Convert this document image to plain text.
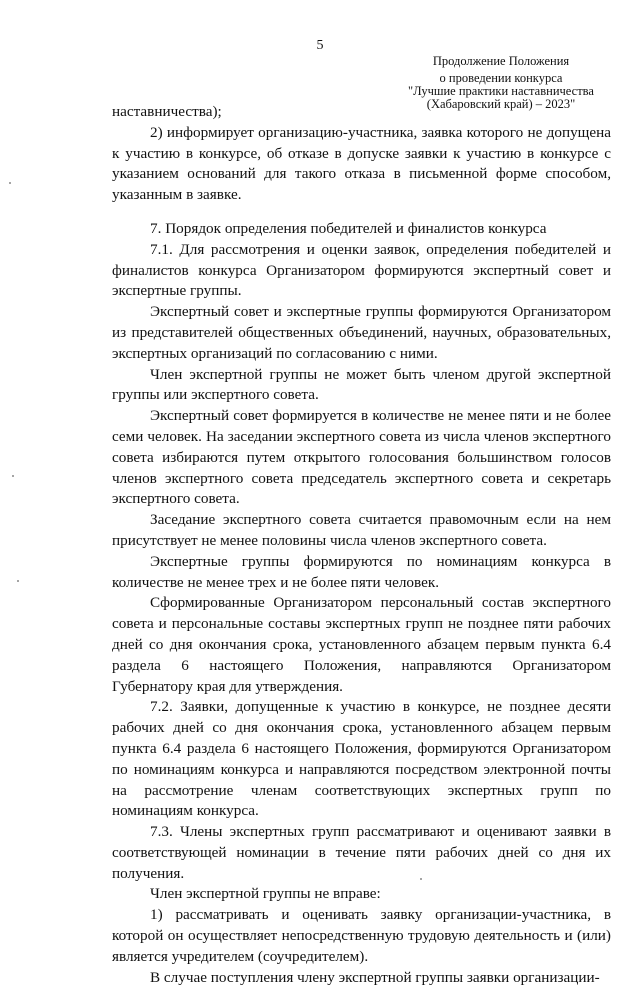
5
Продолжение Положения
о проведении конкурса
"Лучшие практики наставничества
(Хабаровский край) – 2023"

наставничества);

2) информирует организацию-участника, заявка которого не допущена к участию в конкурсе, об отказе в допуске заявки к участию в конкурсе с указанием оснований для такого отказа в письменной форме способом, указанным в заявке.

7. Порядок определения победителей и финалистов конкурса

7.1. Для рассмотрения и оценки заявок, определения победителей и финалистов конкурса Организатором формируются экспертный совет и экспертные группы.

Экспертный совет и экспертные группы формируются Организатором из представителей общественных объединений, научных, образовательных, экспертных организаций по согласованию с ними.

Член экспертной группы не может быть членом другой экспертной группы или экспертного совета.

Экспертный совет формируется в количестве не менее пяти и не более семи человек. На заседании экспертного совета из числа членов экспертного совета избираются путем открытого голосования большинством голосов членов экспертного совета председатель экспертного совета и секретарь экспертного совета.

Заседание экспертного совета считается правомочным если на нем присутствует не менее половины числа членов экспертного совета.

Экспертные группы формируются по номинациям конкурса в количестве не менее трех и не более пяти человек.

Сформированные Организатором персональный состав экспертного совета и персональные составы экспертных групп не позднее пяти рабочих дней со дня окончания срока, установленного абзацем первым пункта 6.4 раздела 6 настоящего Положения, направляются Организатором Губернатору края для утверждения.

7.2. Заявки, допущенные к участию в конкурсе, не позднее десяти рабочих дней со дня окончания срока, установленного абзацем первым пункта 6.4 раздела 6 настоящего Положения, формируются Организатором по номинациям конкурса и направляются посредством электронной почты на рассмотрение членам соответствующих экспертных групп по номинациям конкурса.

7.3. Члены экспертных групп рассматривают и оценивают заявки в соответствующей номинации в течение пяти рабочих дней со дня их получения.

Член экспертной группы не вправе:

1) рассматривать и оценивать заявку организации-участника, в которой он осуществляет непосредственную трудовую деятельность и (или) является учредителем (соучредителем).

В случае поступления члену экспертной группы заявки организации-
